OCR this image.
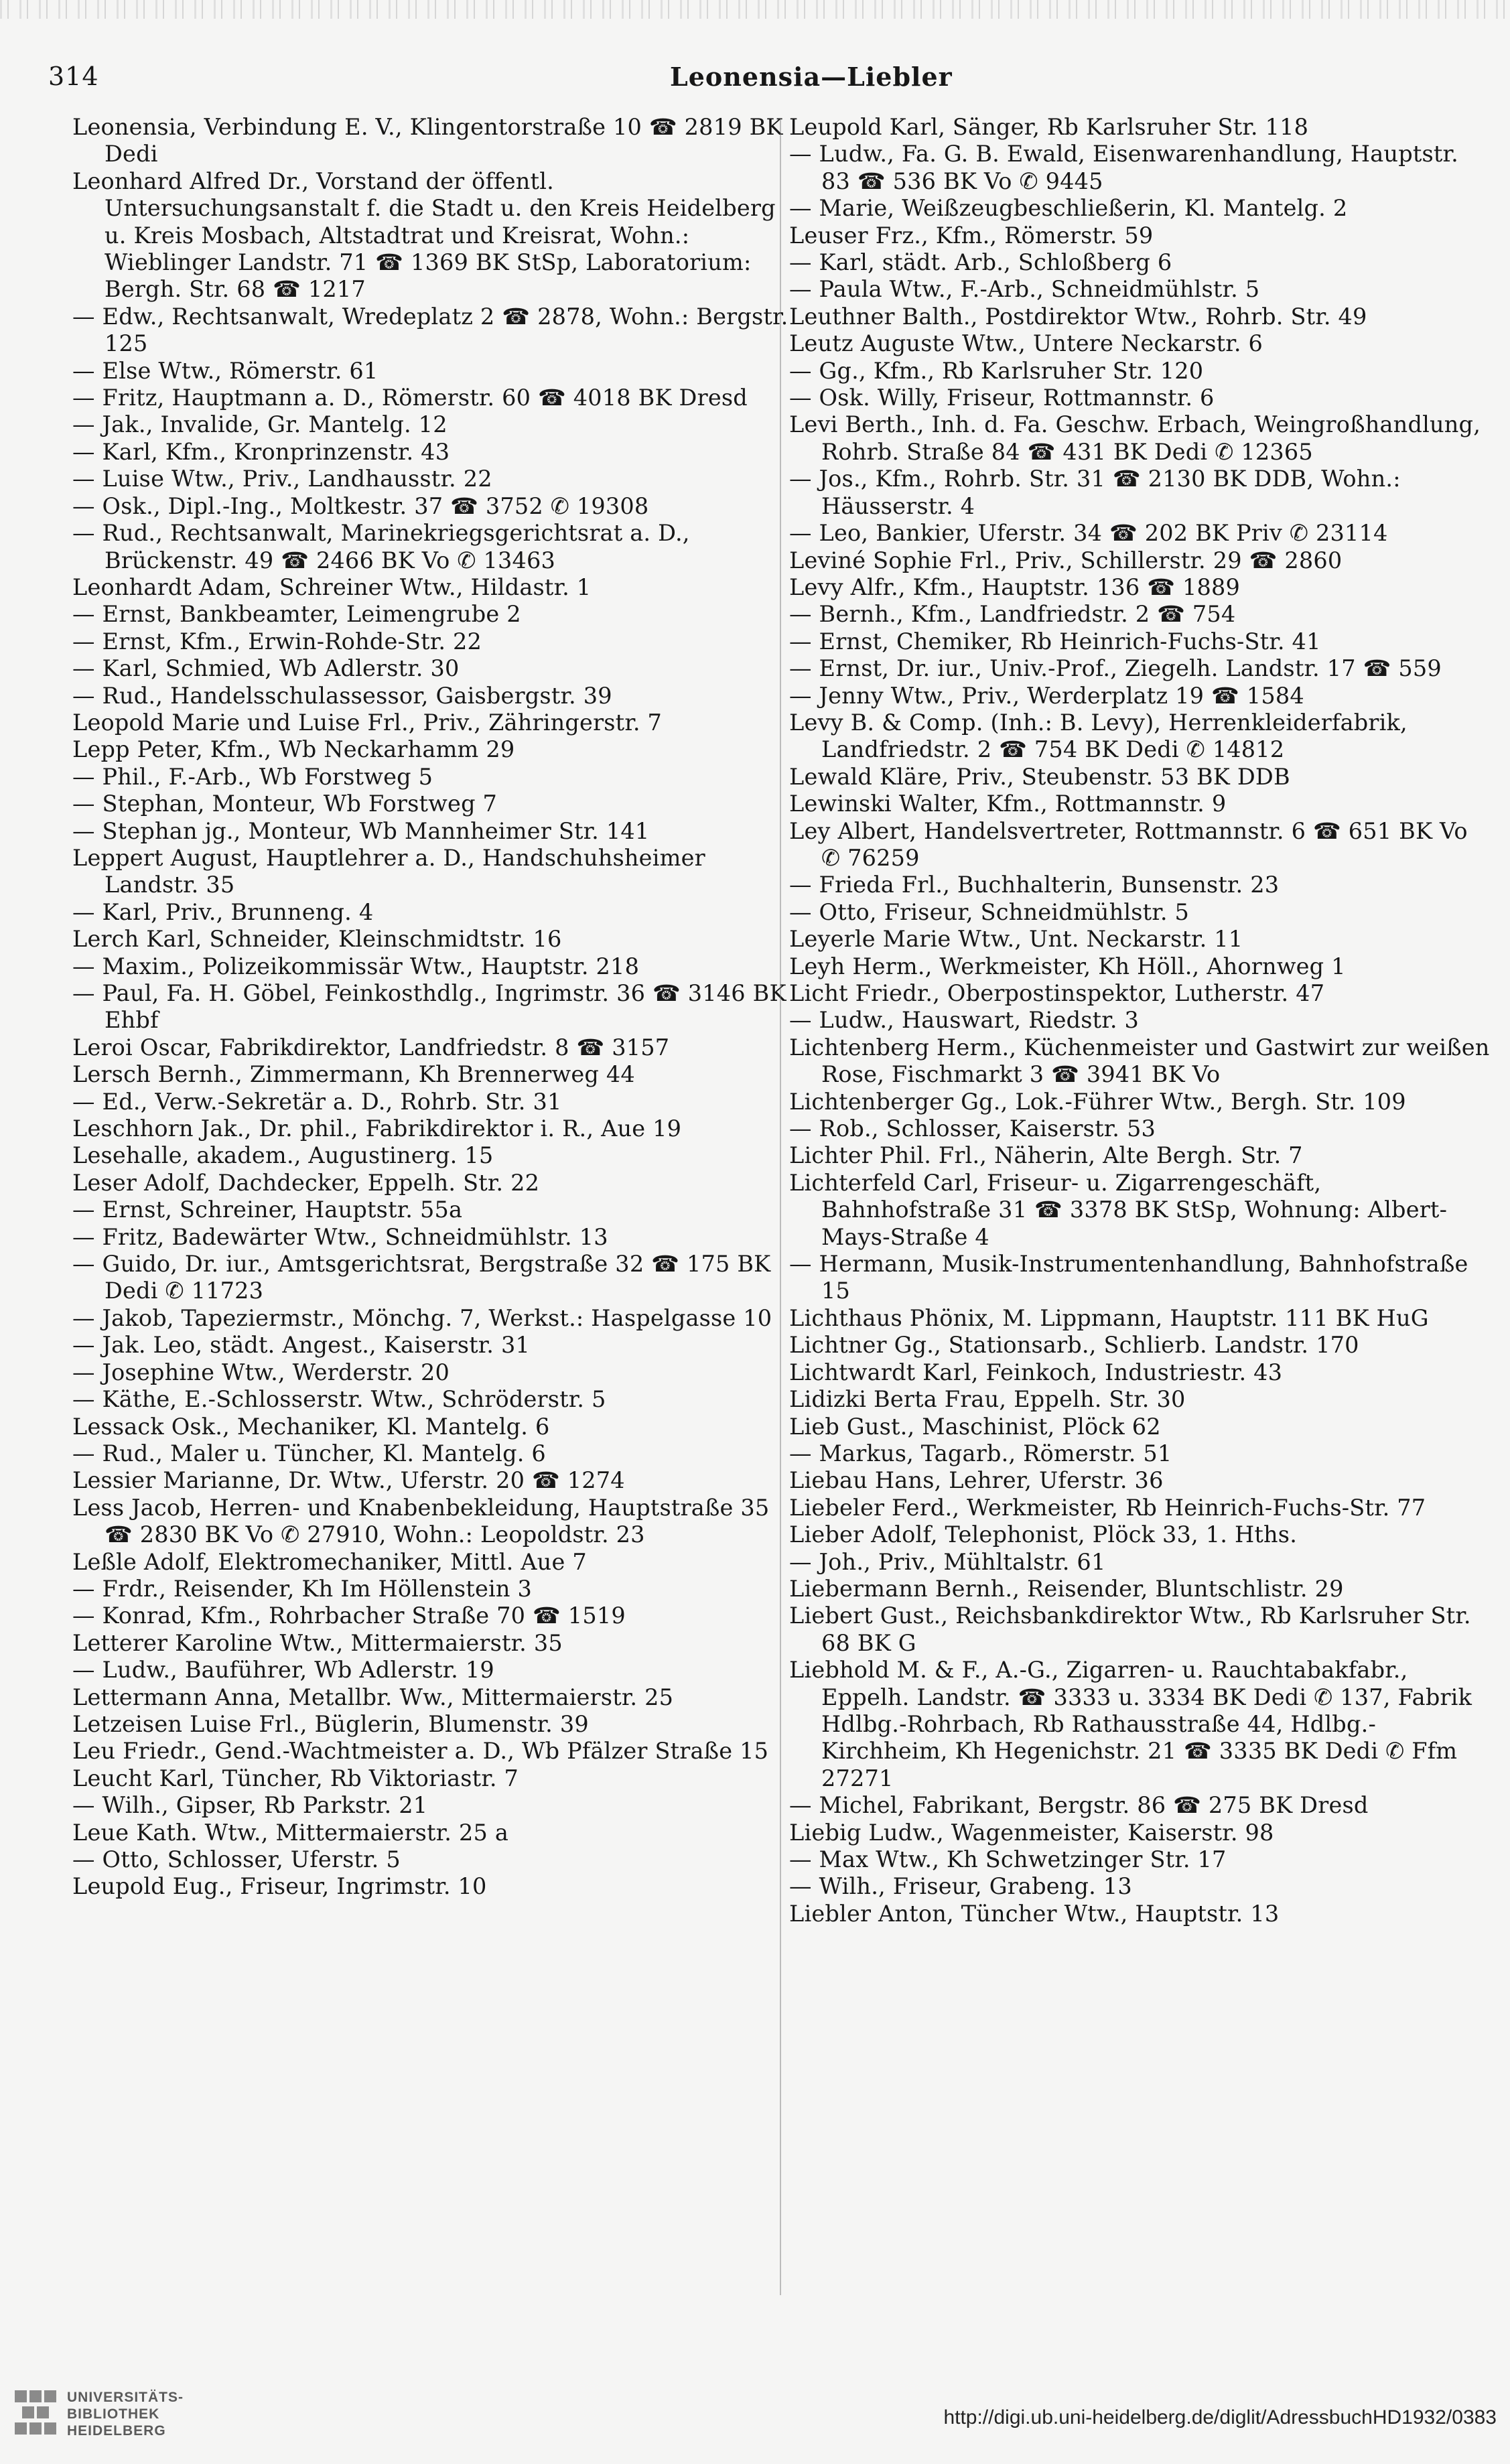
314	Leonensia—Liebler

Leonensia, Verbindung E. V., Klingentorstraße 10 ☎ 2819 BK Dedi

Leonhard Alfred Dr., Vorstand der öffentl. Untersuchungsanstalt f. die Stadt u. den Kreis Heidelberg u. Kreis Mosbach, Altstadtrat und Kreisrat, Wohn.: Wieblinger Landstr. 71 ☎ 1369 BK StSp, Laboratorium: Bergh. Str. 68 ☎ 1217

— Edw., Rechtsanwalt, Wredeplatz 2 ☎ 2878, Wohn.: Bergstr. 125

— Else Wtw., Römerstr. 61

— Fritz, Hauptmann a. D., Römerstr. 60 ☎ 4018 BK Dresd

— Jak., Invalide, Gr. Mantelg. 12

— Karl, Kfm., Kronprinzenstr. 43

— Luise Wtw., Priv., Landhausstr. 22

— Osk., Dipl.-Ing., Moltkestr. 37 ☎ 3752 ✆ 19308

— Rud., Rechtsanwalt, Marinekriegsgerichtsrat a. D., Brückenstr. 49 ☎ 2466 BK Vo ✆ 13463

Leonhardt Adam, Schreiner Wtw., Hildastr. 1

— Ernst, Bankbeamter, Leimengrube 2

— Ernst, Kfm., Erwin-Rohde-Str. 22

— Karl, Schmied, Wb Adlerstr. 30

— Rud., Handelsschulassessor, Gaisbergstr. 39

Leopold Marie und Luise Frl., Priv., Zähringerstr. 7

Lepp Peter, Kfm., Wb Neckarhamm 29

— Phil., F.-Arb., Wb Forstweg 5

— Stephan, Monteur, Wb Forstweg 7

— Stephan jg., Monteur, Wb Mannheimer Str. 141

Leppert August, Hauptlehrer a. D., Handschuhsheimer Landstr. 35

— Karl, Priv., Brunneng. 4

Lerch Karl, Schneider, Kleinschmidtstr. 16

— Maxim., Polizeikommissär Wtw., Hauptstr. 218

— Paul, Fa. H. Göbel, Feinkosthdlg., Ingrimstr. 36 ☎ 3146 BK Ehbf

Leroi Oscar, Fabrikdirektor, Landfriedstr. 8 ☎ 3157

Lersch Bernh., Zimmermann, Kh Brennerweg 44

— Ed., Verw.-Sekretär a. D., Rohrb. Str. 31

Leschhorn Jak., Dr. phil., Fabrikdirektor i. R., Aue 19

Lesehalle, akadem., Augustinerg. 15

Leser Adolf, Dachdecker, Eppelh. Str. 22

— Ernst, Schreiner, Hauptstr. 55a

— Fritz, Badewärter Wtw., Schneidmühlstr. 13

— Guido, Dr. iur., Amtsgerichtsrat, Bergstraße 32 ☎ 175 BK Dedi ✆ 11723

— Jakob, Tapeziermstr., Mönchg. 7, Werkst.: Haspelgasse 10

— Jak. Leo, städt. Angest., Kaiserstr. 31

— Josephine Wtw., Werderstr. 20

— Käthe, E.-Schlosserstr. Wtw., Schröderstr. 5

Lessack Osk., Mechaniker, Kl. Mantelg. 6

— Rud., Maler u. Tüncher, Kl. Mantelg. 6

Lessier Marianne, Dr. Wtw., Uferstr. 20 ☎ 1274

Less Jacob, Herren- und Knabenbekleidung, Hauptstraße 35 ☎ 2830 BK Vo ✆ 27910, Wohn.: Leopoldstr. 23

Leßle Adolf, Elektromechaniker, Mittl. Aue 7

— Frdr., Reisender, Kh Im Höllenstein 3

— Konrad, Kfm., Rohrbacher Straße 70 ☎ 1519

Letterer Karoline Wtw., Mittermaierstr. 35

— Ludw., Bauführer, Wb Adlerstr. 19

Lettermann Anna, Metallbr. Ww., Mittermaierstr. 25

Letzeisen Luise Frl., Büglerin, Blumenstr. 39

Leu Friedr., Gend.-Wachtmeister a. D., Wb Pfälzer Straße 15

Leucht Karl, Tüncher, Rb Viktoriastr. 7

— Wilh., Gipser, Rb Parkstr. 21

Leue Kath. Wtw., Mittermaierstr. 25 a

— Otto, Schlosser, Uferstr. 5

Leupold Eug., Friseur, Ingrimstr. 10

Leupold Karl, Sänger, Rb Karlsruher Str. 118

— Ludw., Fa. G. B. Ewald, Eisenwarenhandlung, Hauptstr. 83 ☎ 536 BK Vo ✆ 9445

— Marie, Weißzeugbeschließerin, Kl. Mantelg. 2

Leuser Frz., Kfm., Römerstr. 59

— Karl, städt. Arb., Schloßberg 6

— Paula Wtw., F.-Arb., Schneidmühlstr. 5

Leuthner Balth., Postdirektor Wtw., Rohrb. Str. 49

Leutz Auguste Wtw., Untere Neckarstr. 6

— Gg., Kfm., Rb Karlsruher Str. 120

— Osk. Willy, Friseur, Rottmannstr. 6

Levi Berth., Inh. d. Fa. Geschw. Erbach, Weingroßhandlung, Rohrb. Straße 84 ☎ 431 BK Dedi ✆ 12365

— Jos., Kfm., Rohrb. Str. 31 ☎ 2130 BK DDB, Wohn.: Häusserstr. 4

— Leo, Bankier, Uferstr. 34 ☎ 202 BK Priv ✆ 23114

Leviné Sophie Frl., Priv., Schillerstr. 29 ☎ 2860

Levy Alfr., Kfm., Hauptstr. 136 ☎ 1889

— Bernh., Kfm., Landfriedstr. 2 ☎ 754

— Ernst, Chemiker, Rb Heinrich-Fuchs-Str. 41

— Ernst, Dr. iur., Univ.-Prof., Ziegelh. Landstr. 17 ☎ 559

— Jenny Wtw., Priv., Werderplatz 19 ☎ 1584

Levy B. & Comp. (Inh.: B. Levy), Herrenkleiderfabrik, Landfriedstr. 2 ☎ 754 BK Dedi ✆ 14812

Lewald Kläre, Priv., Steubenstr. 53 BK DDB

Lewinski Walter, Kfm., Rottmannstr. 9

Ley Albert, Handelsvertreter, Rottmannstr. 6 ☎ 651 BK Vo ✆ 76259

— Frieda Frl., Buchhalterin, Bunsenstr. 23

— Otto, Friseur, Schneidmühlstr. 5

Leyerle Marie Wtw., Unt. Neckarstr. 11

Leyh Herm., Werkmeister, Kh Höll., Ahornweg 1

Licht Friedr., Oberpostinspektor, Lutherstr. 47

— Ludw., Hauswart, Riedstr. 3

Lichtenberg Herm., Küchenmeister und Gastwirt zur weißen Rose, Fischmarkt 3 ☎ 3941 BK Vo

Lichtenberger Gg., Lok.-Führer Wtw., Bergh. Str. 109

— Rob., Schlosser, Kaiserstr. 53

Lichter Phil. Frl., Näherin, Alte Bergh. Str. 7

Lichterfeld Carl, Friseur- u. Zigarrengeschäft, Bahnhofstraße 31 ☎ 3378 BK StSp, Wohnung: Albert-Mays-Straße 4

— Hermann, Musik-Instrumentenhandlung, Bahnhofstraße 15

Lichthaus Phönix, M. Lippmann, Hauptstr. 111 BK HuG

Lichtner Gg., Stationsarb., Schlierb. Landstr. 170

Lichtwardt Karl, Feinkoch, Industriestr. 43

Lidizki Berta Frau, Eppelh. Str. 30

Lieb Gust., Maschinist, Plöck 62

— Markus, Tagarb., Römerstr. 51

Liebau Hans, Lehrer, Uferstr. 36

Liebeler Ferd., Werkmeister, Rb Heinrich-Fuchs-Str. 77

Lieber Adolf, Telephonist, Plöck 33, 1. Hths.

— Joh., Priv., Mühltalstr. 61

Liebermann Bernh., Reisender, Bluntschlistr. 29

Liebert Gust., Reichsbankdirektor Wtw., Rb Karlsruher Str. 68 BK G

Liebhold M. & F., A.-G., Zigarren- u. Rauchtabakfabr., Eppelh. Landstr. ☎ 3333 u. 3334 BK Dedi ✆ 137, Fabrik Hdlbg.-Rohrbach, Rb Rathausstraße 44, Hdlbg.-Kirchheim, Kh Hegenichstr. 21 ☎ 3335 BK Dedi ✆ Ffm 27271

— Michel, Fabrikant, Bergstr. 86 ☎ 275 BK Dresd

Liebig Ludw., Wagenmeister, Kaiserstr. 98

— Max Wtw., Kh Schwetzinger Str. 17

— Wilh., Friseur, Grabeng. 13

Liebler Anton, Tüncher Wtw., Hauptstr. 13

UNIVERSITÄTS-
BIBLIOTHEK
HEIDELBERG
http://digi.ub.uni-heidelberg.de/diglit/AdressbuchHD1932/0383
